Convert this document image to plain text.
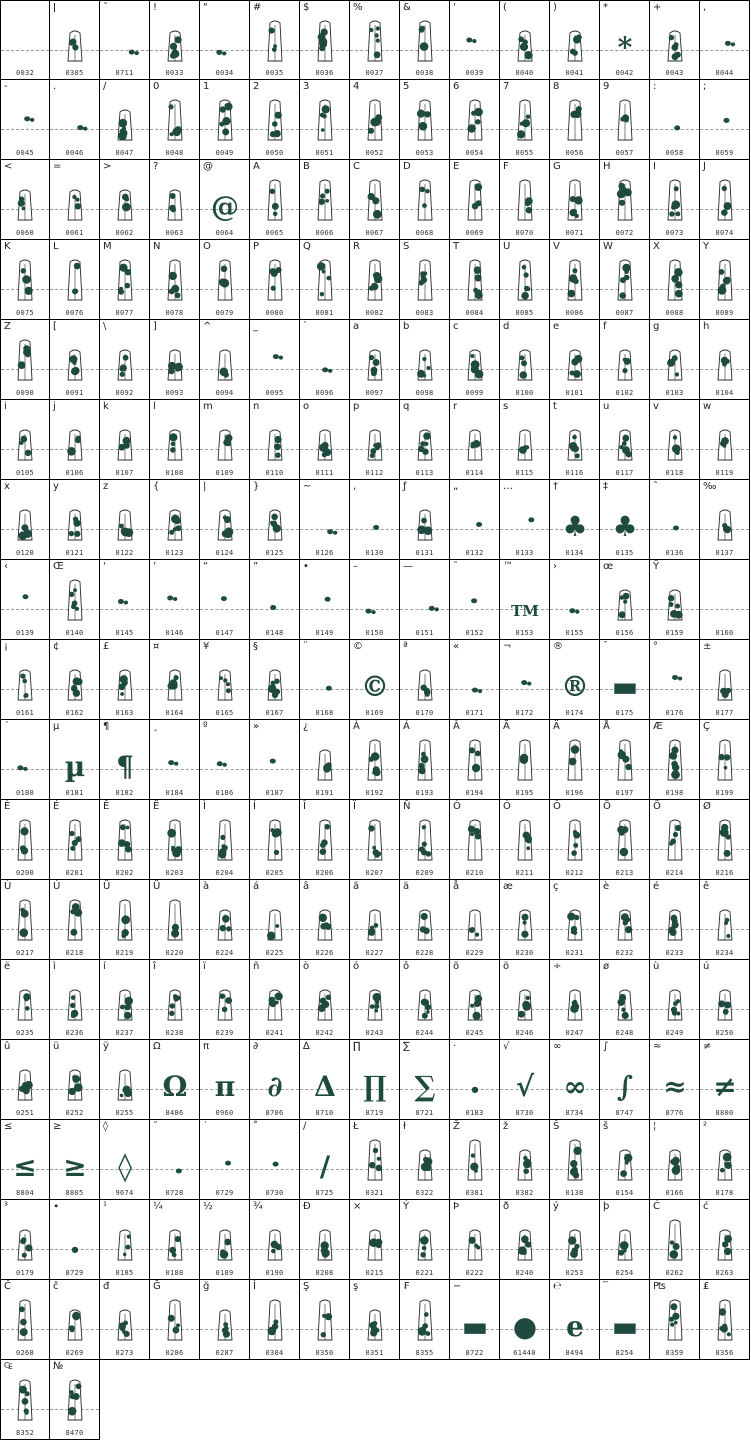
0032
ǀ
0305
ˇ
0711
!
0033
"
0034
#
0035
$
0036
%
0037
&
0038
'
0039
(
0040
)
0041
*
*
0042
+
0043
,
0044
-
0045
.
0046
/
0047
0
0048
1
0049
2
0050
3
0051
4
0052
5
0053
6
0054
7
0055
8
0056
9
0057
:
0058
;
0059
<
0060
=
0061
>
0062
?
0063
@
@
0064
A
0065
B
0066
C
0067
D
0068
E
0069
F
0070
G
0071
H
0072
I
0073
J
0074
K
0075
L
0076
M
0077
N
0078
O
0079
P
0080
Q
0081
R
0082
S
0083
T
0084
U
0085
V
0086
W
0087
X
0088
Y
0089
Z
0090
[
0091
\
0092
]
0093
^
0094
_
0095
`
0096
a
0097
b
0098
c
0099
d
0100
e
0101
f
0102
g
0103
h
0104
i
0105
j
0106
k
0107
l
0108
m
0109
n
0110
o
0111
p
0112
q
0113
r
0114
s
0115
t
0116
u
0117
v
0118
w
0119
x
0120
y
0121
z
0122
{
0123
|
0124
}
0125
~
0126
‚
0130
ƒ
0131
„
0132
…
0133
†
♣
0134
‡
♣
0135
ˆ
0136
‰
0137
‹
0139
Œ
0140
‘
0145
’
0146
“
0147
”
0148
•
0149
–
0150
—
0151
˜
0152
™
TM
0153
›
0155
œ
0156
Ÿ
0159	0160
¡
0161
¢
0162
£
0163
¤
0164
¥
0165
§
0167
¨
0168
©
©
0169
ª
0170
«
0171
¬
0172
®
®
0174
¯
▬
0175
°
0176
±
0177
´
0180
µ
µ
0181
¶
¶
0182
¸
0184
º
0186
»
0187
¿
0191
À
0192
Á
0193
Â
0194
Ã
0195
Ä
0196
Å
0197
Æ
0198
Ç
0199
È
0200
É
0201
Ê
0202
Ë
0203
Ì
0204
Í
0205
Î
0206
Ï
0207
Ñ
0209
Ò
0210
Ó
0211
Ô
0212
Õ
0213
Ö
0214
Ø
0216
Ù
0217
Ú
0218
Ü
0219
Ü
0220
à
0224
á
0225
â
0226
ã
0227
ä
0228
å
0229
æ
0230
ç
0231
è
0232
é
0233
ê
0234
ë
0235
ì
0236
í
0237
î
0238
ï
0239
ñ
0241
ò
0242
ó
0243
ô
0244
õ
0245
ö
0246
÷
0247
ø
0248
ù
0249
ú
0250
û
0251
ü
0252
ÿ
0255
Ω
Ω
8486
π
π
0960
∂
∂
8706
∆
Δ
8710
∏
∏
8719
∑
∑
8721
·
•
0183
√
√
8730
∞
∞
8734
∫
∫
8747
≈
≈
8776
≠
≠
8800
≤
≤
8804
≥
≥
8805
◊
◊
9674
˘
0728
˙
0729
˚
0730
∕
/
8725
Ł
0321
ł
0322
Ž
0381
ž
0382
Š
0138
š
0154
¦
0166
²
0178
³
0179
∙
•
8729
¹
0185
¼
0188
½
0189
¾
0190
Ð
0208
×
0215
Ý
0221
Þ
0222
ð
0240
ý
0253
þ
0254
Ć
0262
ć
0263
Č
0268
č
0269
đ
0273
Ğ
0286
ğ
0287
İ
0304
Ş
0350
ş
0351
₣
8355
−
▬
8722
●
61440
℮
e
8494
‾
▬
8254
₧
8359
₤
8356
₠
8352
№
8470
